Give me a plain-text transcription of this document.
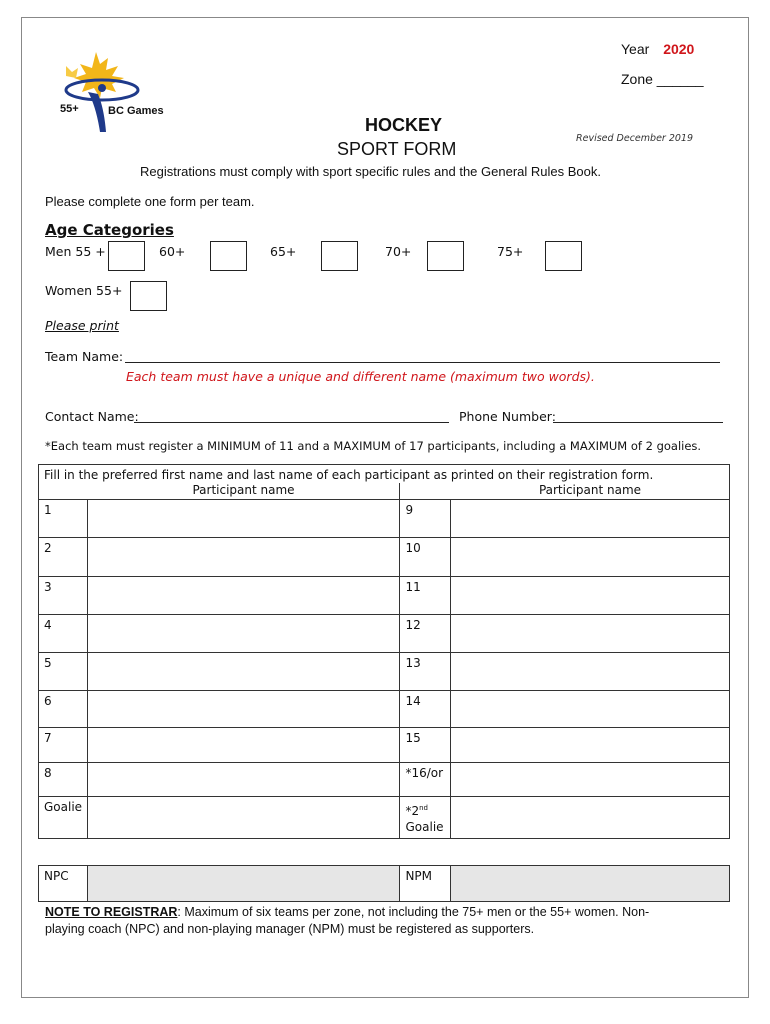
55+	BC Games
Year 2020
Zone ______
HOCKEY
SPORT FORM
Revised December 2019
Registrations must comply with sport specific rules and the General Rules Book.
Please complete one form per team.
Age Categories
Men 55 +	60+	65+	70+	75+
Women 55+
Please print
Team Name:
Each team must have a unique and different name (maximum two words).
Contact Name:	Phone Number:
*Each team must register a MINIMUM of 11 and a MAXIMUM of 17 participants, including a MAXIMUM of 2 goalies.
Fill in the preferred first name and last name of each participant as printed on their registration form.			
	Participant name		Participant name
1		9	
2		10	
3		11	
4		12	
5		13	
6		14	
7		15	
8		*16/or	
Goalie		*2nd
Goalie	
NPC		NPM	
NOTE TO REGISTRAR: Maximum of six teams per zone, not including the 75+ men or the 55+ women. Non-
playing coach (NPC) and non-playing manager (NPM) must be registered as supporters.
